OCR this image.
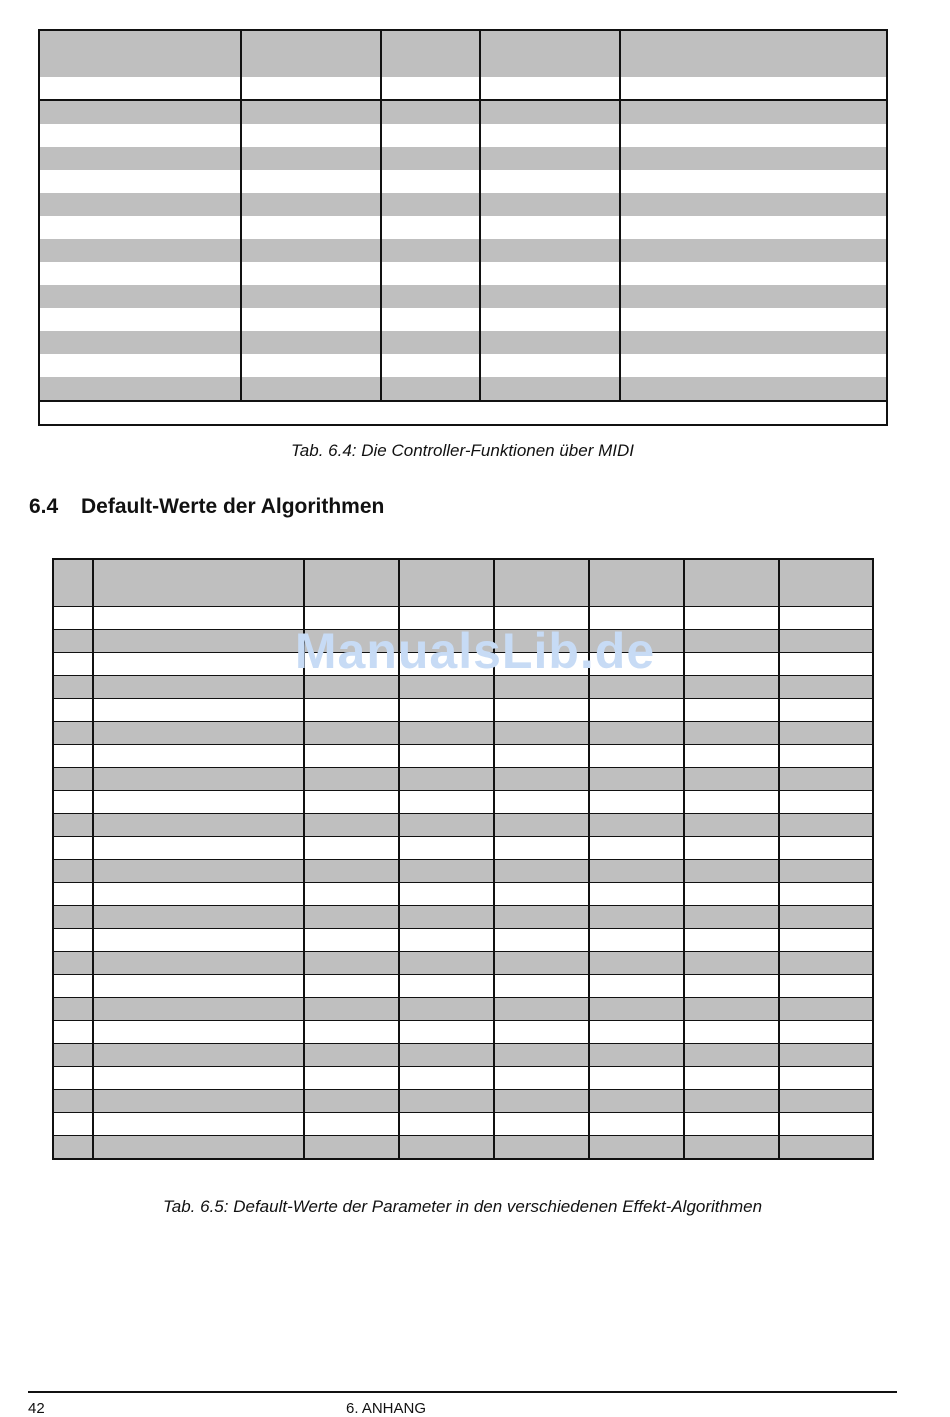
Tab. 6.4: Die Controller-Funktionen über MIDI
6.4 Default-Werte der Algorithmen

Tab. 6.5: Default-Werte der Parameter in den verschiedenen Effekt-Algorithmen
ManualsLib.de
42	6. ANHANG
